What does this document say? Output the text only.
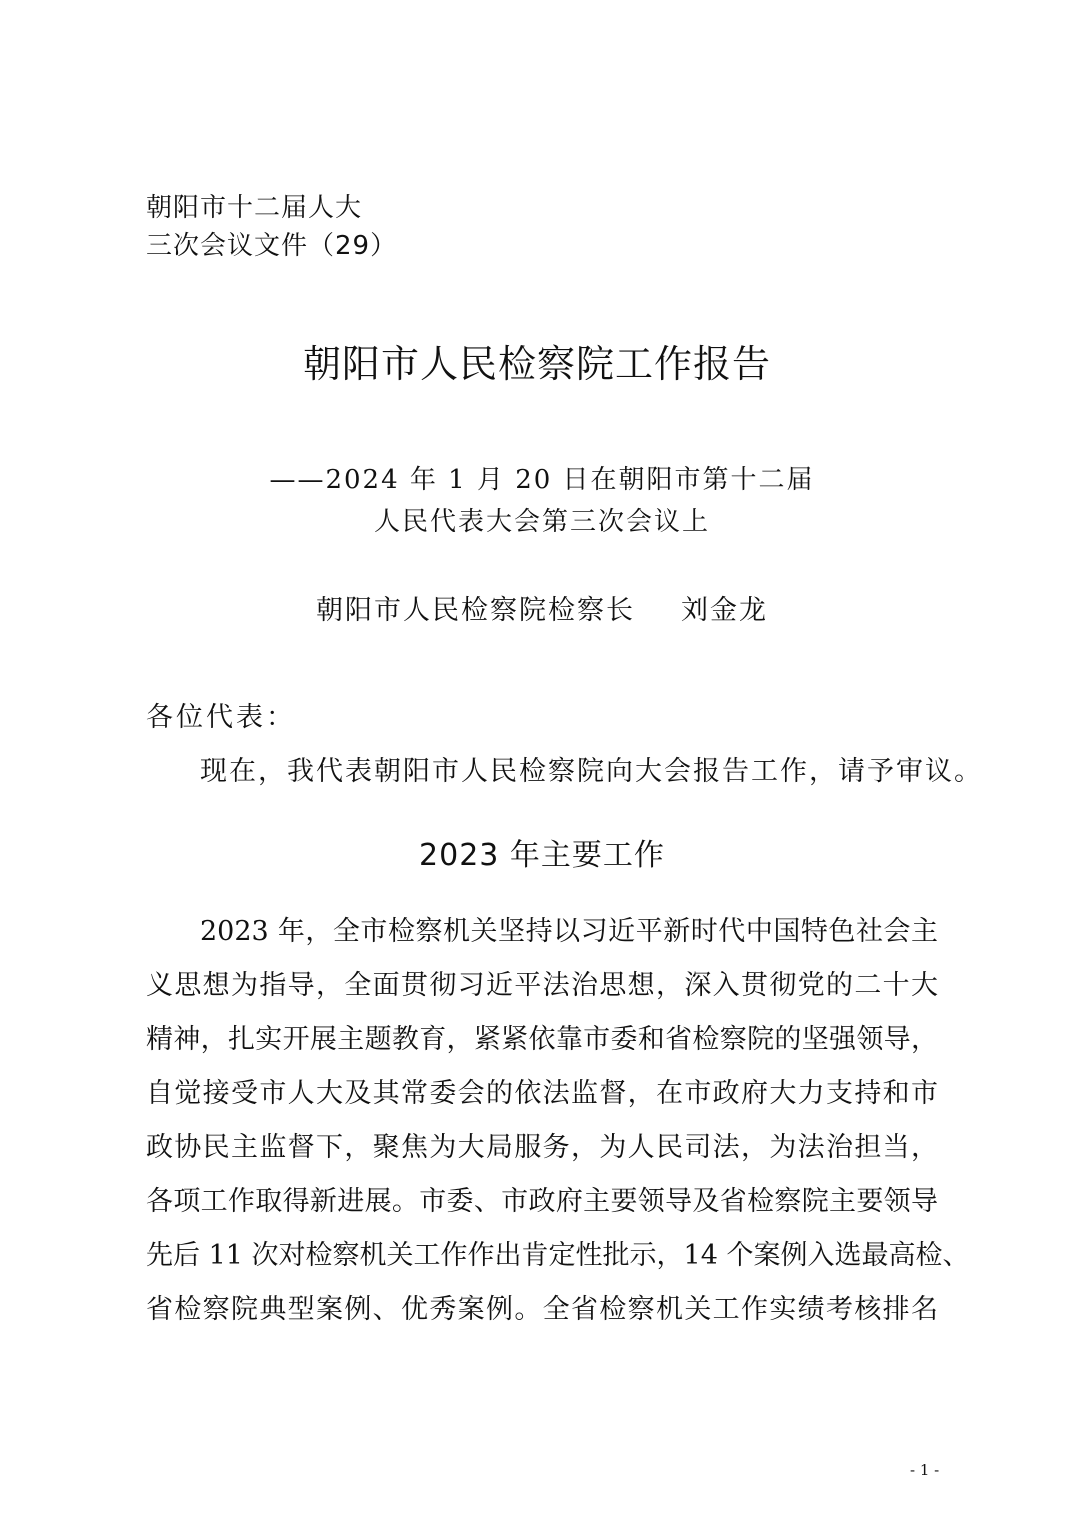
朝阳市十二届人大
三次会议文件（29）
朝阳市人民检察院工作报告
——2024 年 1 月 20 日在朝阳市第十二届
人民代表大会第三次会议上
朝阳市人民检察院检察长 刘金龙
各位代表：
现在，我代表朝阳市人民检察院向大会报告工作，请予审议。
2023 年主要工作
2023 年，全市检察机关坚持以习近平新时代中国特色社会主
义思想为指导，全面贯彻习近平法治思想，深入贯彻党的二十大
精神，扎实开展主题教育，紧紧依靠市委和省检察院的坚强领导，
自觉接受市人大及其常委会的依法监督，在市政府大力支持和市
政协民主监督下，聚焦为大局服务，为人民司法，为法治担当，
各项工作取得新进展。市委、市政府主要领导及省检察院主要领导
先后 11 次对检察机关工作作出肯定性批示，14 个案例入选最高检、
省检察院典型案例、优秀案例。全省检察机关工作实绩考核排名
- 1 -
